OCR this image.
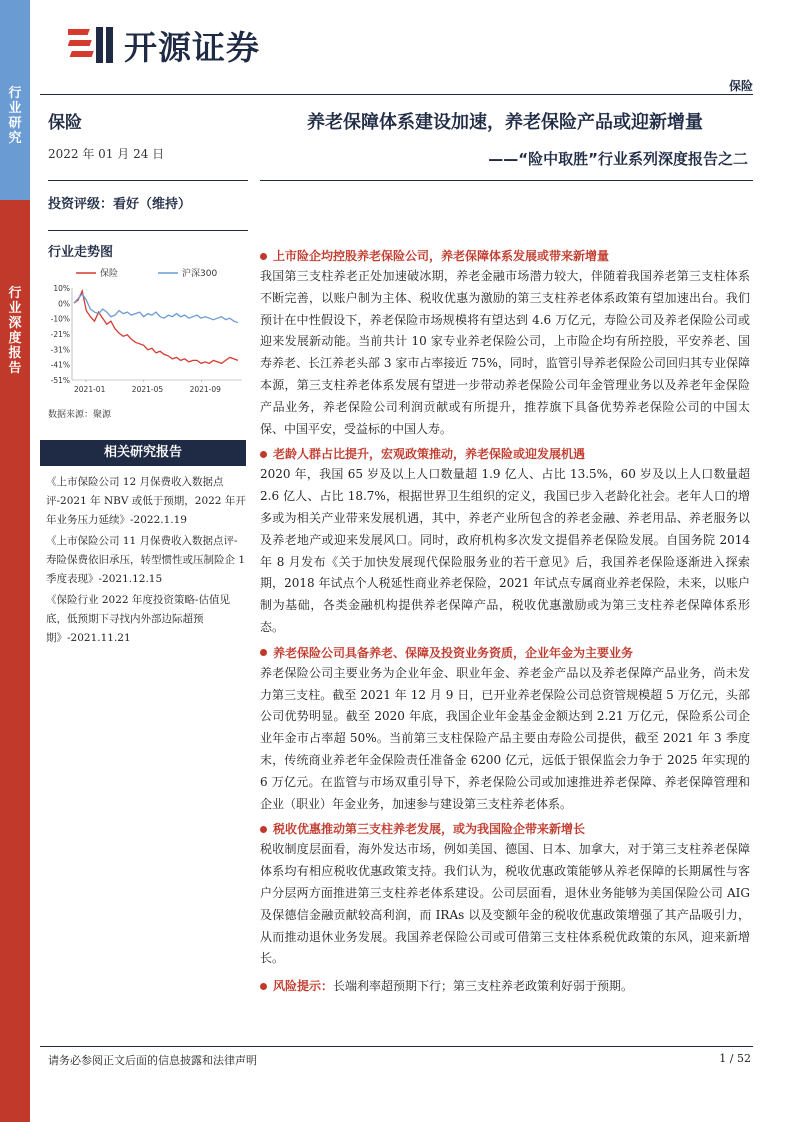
开源证券
保险
行
业
研
究
行
业
深
度
报
告
保险
2022 年 01 月 24 日
投资评级：看好（维持）
行业走势图
保险	沪深300
10%
0%
-10%
-21%
-31%
-41%
-51%
2021-01	2021-05	2021-09
数据来源：聚源
相关研究报告
《上市保险公司 12 月保费收入数据点评-2021 年 NBV 或低于预期，2022 年开年业务压力延续》-2022.1.19
《上市保险公司 11 月保费收入数据点评-寿险保费依旧承压，转型惯性或压制险企 1 季度表现》-2021.12.15
《保险行业 2022 年度投资策略-估值见底，低预期下寻找内外部边际超预期》-2021.11.21
养老保障体系建设加速，养老保险产品或迎新增量
——“险中取胜”行业系列深度报告之二
上市险企均控股养老保险公司，养老保障体系发展或带来新增量
我国第三支柱养老正处加速破冰期，养老金融市场潜力较大，伴随着我国养老第三支柱体系不断完善，以账户制为主体、税收优惠为激励的第三支柱养老体系政策有望加速出台。我们预计在中性假设下，养老保险市场规模将有望达到 4.6 万亿元，寿险公司及养老保险公司或迎来发展新动能。当前共计 10 家专业养老保险公司，上市险企均有所控股，平安养老、国寿养老、长江养老头部 3 家市占率接近 75%，同时，监管引导养老保险公司回归其专业保障本源，第三支柱养老体系发展有望进一步带动养老保险公司年金管理业务以及养老年金保险产品业务，养老保险公司利润贡献或有所提升，推荐旗下具备优势养老保险公司的中国太保、中国平安，受益标的中国人寿。
老龄人群占比提升，宏观政策推动，养老保险或迎发展机遇
2020 年，我国 65 岁及以上人口数量超 1.9 亿人、占比 13.5%，60 岁及以上人口数量超 2.6 亿人、占比 18.7%，根据世界卫生组织的定义，我国已步入老龄化社会。老年人口的增多或为相关产业带来发展机遇，其中，养老产业所包含的养老金融、养老用品、养老服务以及养老地产或迎来发展风口。同时，政府机构多次发文提倡养老保险发展。自国务院 2014 年 8 月发布《关于加快发展现代保险服务业的若干意见》后，我国养老保险逐渐进入探索期，2018 年试点个人税延性商业养老保险，2021 年试点专属商业养老保险，未来，以账户制为基础，各类金融机构提供养老保障产品，税收优惠激励或为第三支柱养老保障体系形态。
养老保险公司具备养老、保障及投资业务资质，企业年金为主要业务
养老保险公司主要业务为企业年金、职业年金、养老金产品以及养老保障产品业务，尚未发力第三支柱。截至 2021 年 12 月 9 日，已开业养老保险公司总资管规模超 5 万亿元，头部公司优势明显。截至 2020 年底，我国企业年金基金金额达到 2.21 万亿元，保险系公司企业年金市占率超 50%。当前第三支柱保险产品主要由寿险公司提供，截至 2021 年 3 季度末，传统商业养老年金保险责任准备金 6200 亿元，远低于银保监会力争于 2025 年实现的 6 万亿元。在监管与市场双重引导下，养老保险公司或加速推进养老保障、养老保障管理和企业（职业）年金业务，加速参与建设第三支柱养老体系。
税收优惠推动第三支柱养老发展，或为我国险企带来新增长
税收制度层面看，海外发达市场，例如美国、德国、日本、加拿大，对于第三支柱养老保障体系均有相应税收优惠政策支持。我们认为，税收优惠政策能够从养老保障的长期属性与客户分层两方面推进第三支柱养老体系建设。公司层面看，退休业务能够为美国保险公司 AIG 及保德信金融贡献较高利润，而 IRAs 以及变额年金的税收优惠政策增强了其产品吸引力，从而推动退休业务发展。我国养老保险公司或可借第三支柱体系税优政策的东风，迎来新增长。
风险提示： 长端利率超预期下行；第三支柱养老政策利好弱于预期。
请务必参阅正文后面的信息披露和法律声明	1 / 52
